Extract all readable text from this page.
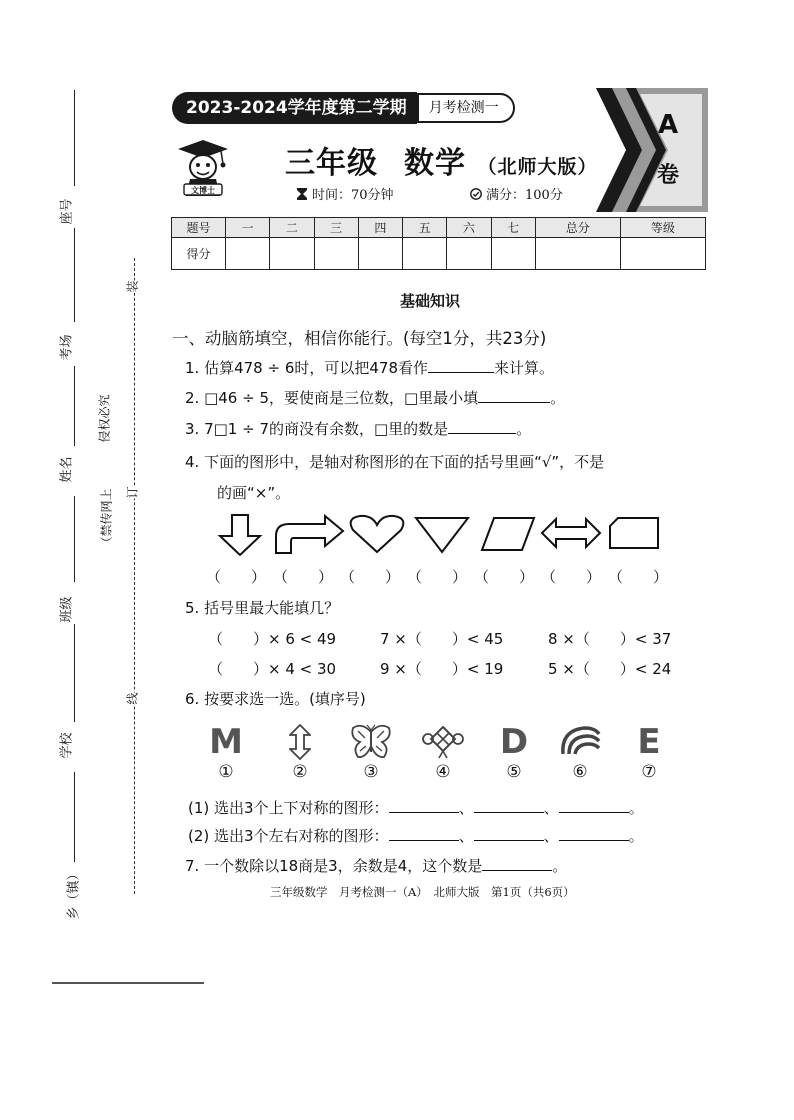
座号
考场
姓名
班级
学校
乡（镇）
侵权必究
（禁传网上
装
订
线
2023-2024学年度第二学期	月考检测一
文博士
三年级 数学 （北师大版）
时间：70分钟	满分：100分
A
卷
题号	一	二	三	四	五	六	七	总分	等级
得分									
基础知识
一、动脑筋填空，相信你能行。(每空1分，共23分)
1. 估算478 ÷ 6时，可以把478看作	来计算。
2. □46 ÷ 5，要使商是三位数，□里最小填	。
3. 7□1 ÷ 7的商没有余数，□里的数是	。
4. 下面的图形中，是轴对称图形的在下面的括号里画“√”，不是
的画“×”。
（　　） （　　） （　　） （　　） （　　） （　　） （　　）
5. 括号里最大能填几？
（　　）× 6 < 49	7 ×（　　）< 45	8 ×（　　）< 37
（　　）× 4 < 30	9 ×（　　）< 19	5 ×（　　）< 24
6. 按要求选一选。(填序号)
M	D	E
①	②	③	④	⑤	⑥	⑦
(1) 选出3个上下对称的图形：	、	、	。
(2) 选出3个左右对称的图形：	、	、	。
7. 一个数除以18商是3，余数是4，这个数是	。
三年级数学　月考检测一（A）　北师大版　第1页（共6页）
